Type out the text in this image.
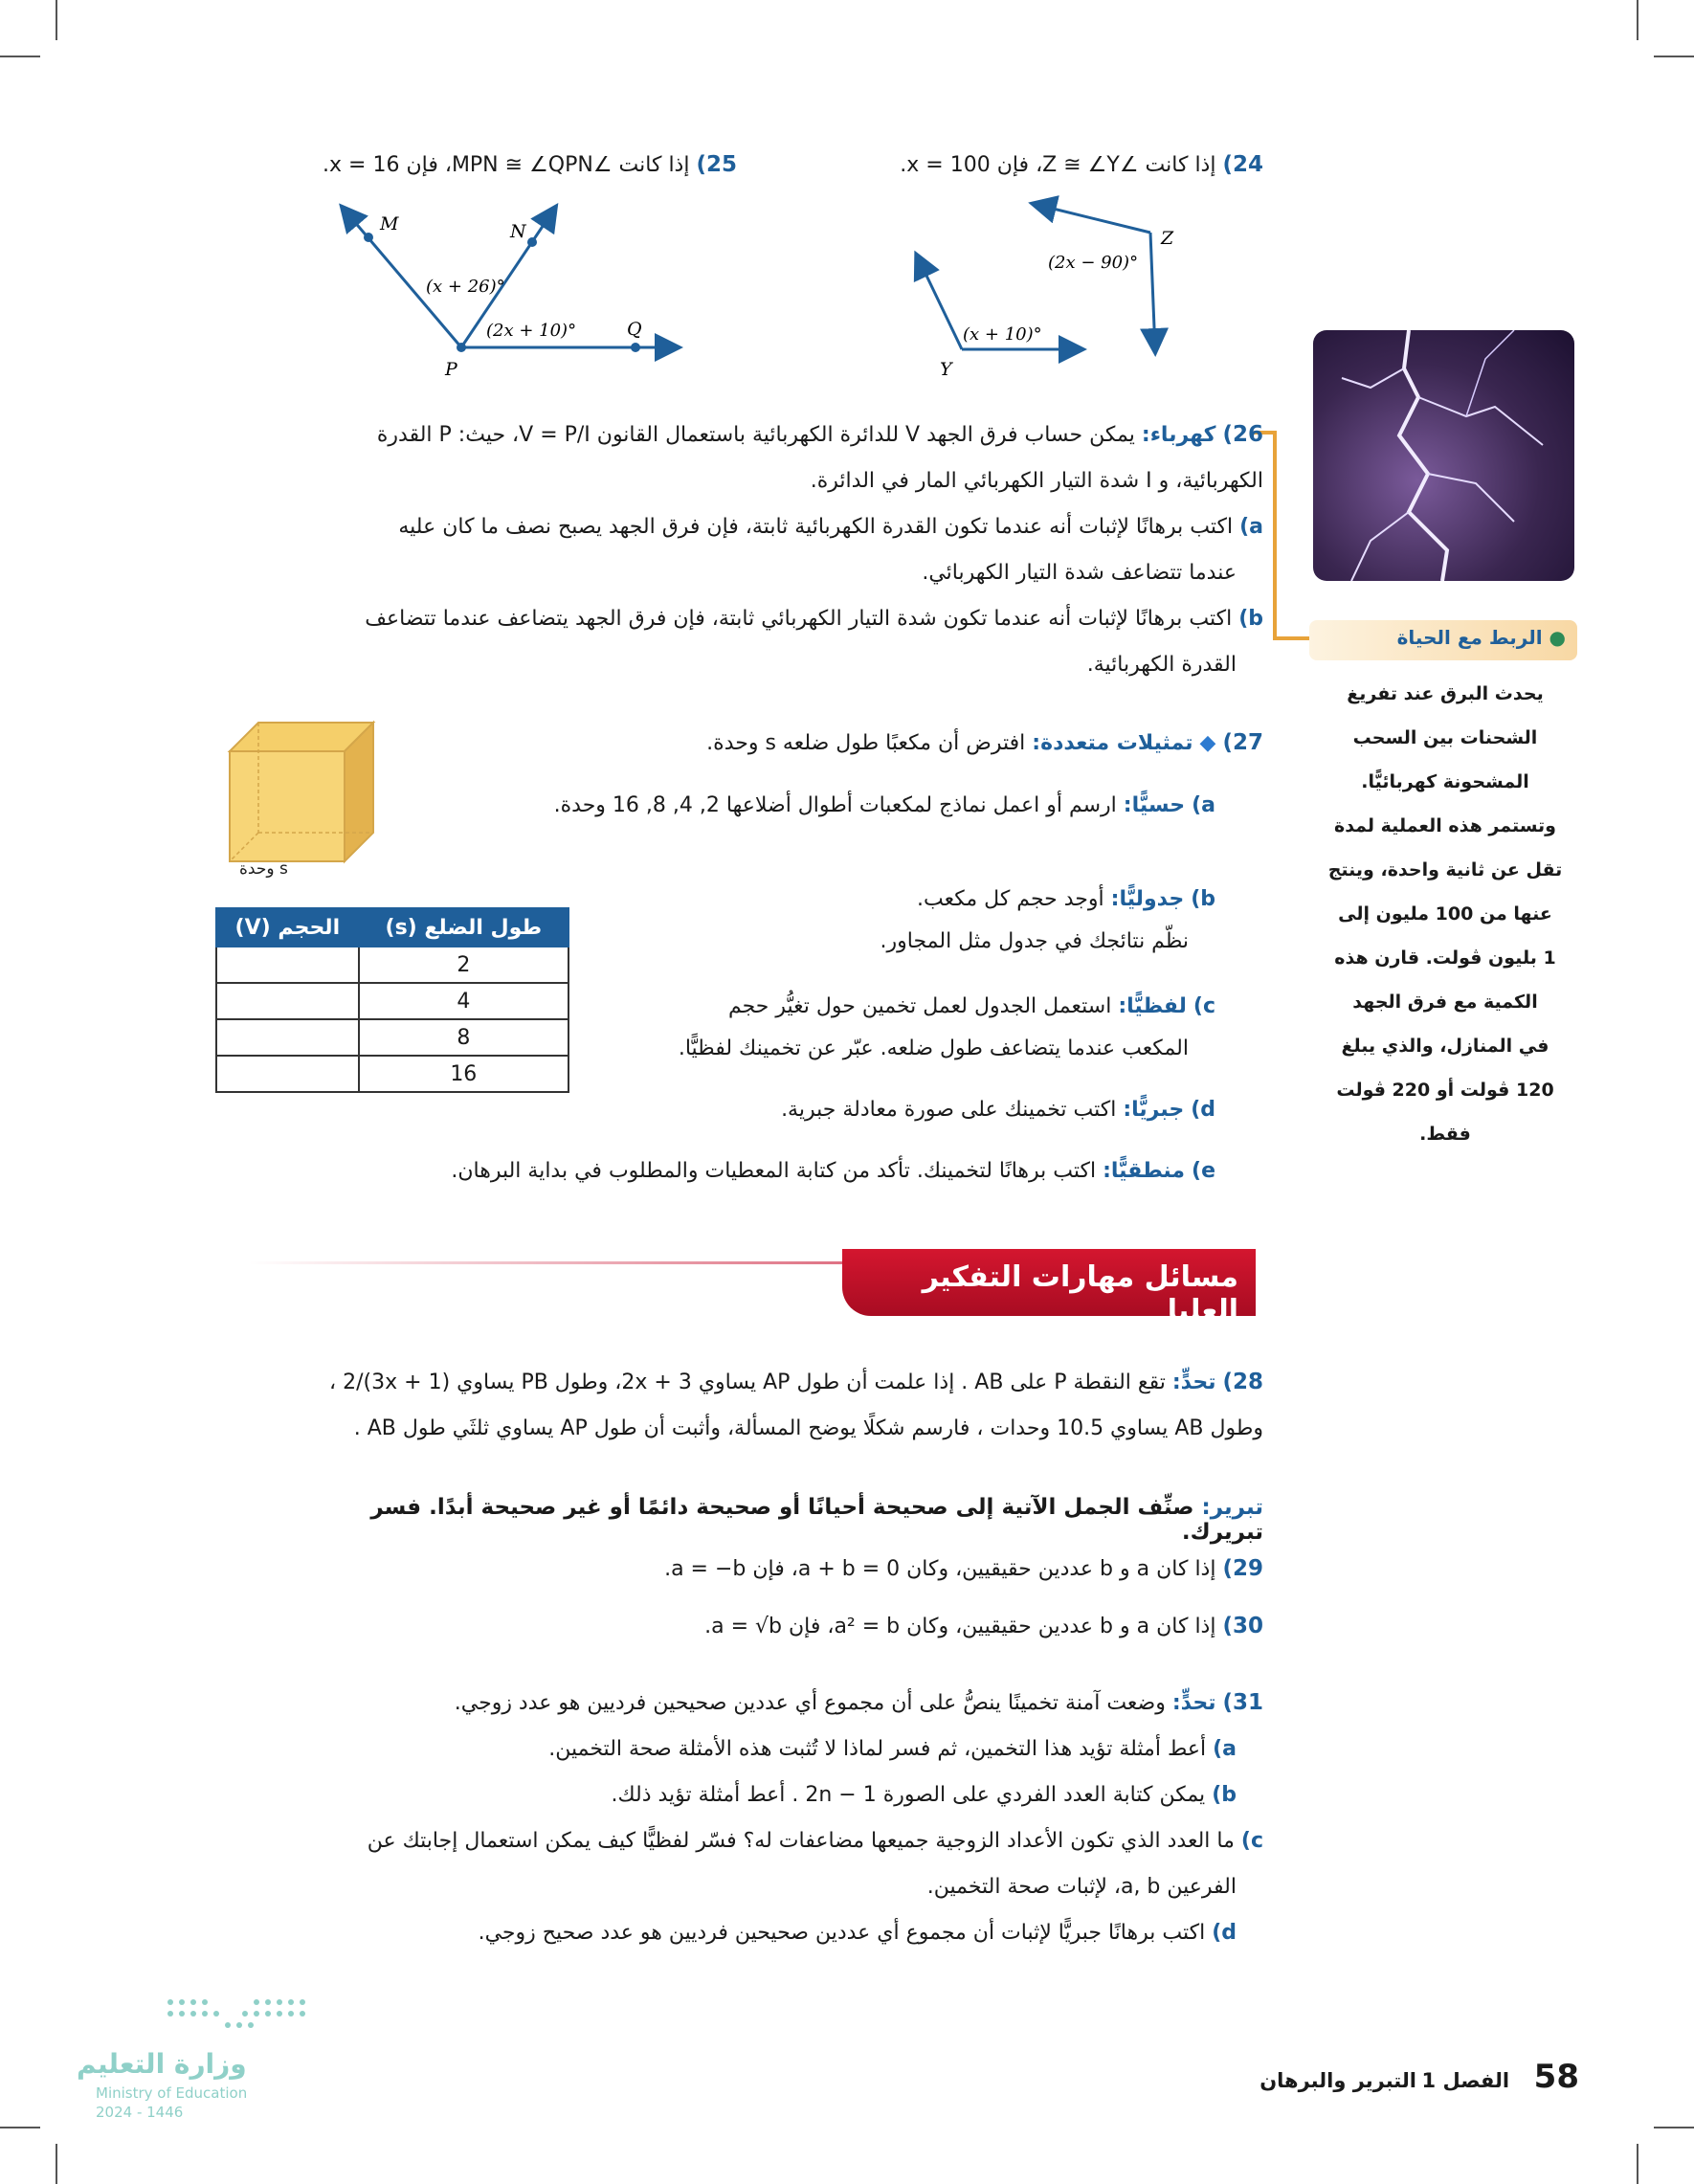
24) إذا كانت ∠Z ≅ ∠Y، فإن x = 100.
25) إذا كانت ∠MPN ≅ ∠QPN، فإن x = 16.
Z
Y
(2x − 90)°
(x + 10)°
M	N
P
Q
(x + 26)°
(2x + 10)°
● الربط مع الحياة
يحدث البرق عند تفريغ
الشحنات بين السحب
المشحونة كهربائيًّا.
وتستمر هذه العملية لمدة
تقل عن ثانية واحدة، وينتج
عنها من 100 مليون إلى
1 بليون ڤولت. قارن هذه
الكمية مع فرق الجهد
في المنازل، والذي يبلغ
120 ڤولت أو 220 ڤولت
فقط.
26) كهرباء: يمكن حساب فرق الجهد V للدائرة الكهربائية باستعمال القانون V = P/I، حيث: P القدرة
الكهربائية، و I شدة التيار الكهربائي المار في الدائرة.
a) اكتب برهانًا لإثبات أنه عندما تكون القدرة الكهربائية ثابتة، فإن فرق الجهد يصبح نصف ما كان عليه
عندما تتضاعف شدة التيار الكهربائي.
b) اكتب برهانًا لإثبات أنه عندما تكون شدة التيار الكهربائي ثابتة، فإن فرق الجهد يتضاعف عندما تتضاعف
القدرة الكهربائية.
s وحدة
27) ◆ تمثيلات متعددة: افترض أن مكعبًا طول ضلعه s وحدة.
a) حسيًّا: ارسم أو اعمل نماذج لمكعبات أطوال أضلاعها 2, 4, 8, 16 وحدة.
b) جدوليًّا: أوجد حجم كل مكعب.
نظّم نتائجك في جدول مثل المجاور.
c) لفظيًّا: استعمل الجدول لعمل تخمين حول تغيُّر حجم
المكعب عندما يتضاعف طول ضلعه. عبّر عن تخمينك لفظيًّا.
d) جبريًّا: اكتب تخمينك على صورة معادلة جبرية.
e) منطقيًّا: اكتب برهانًا لتخمينك. تأكد من كتابة المعطيات والمطلوب في بداية البرهان.
طول الضلع (s)	الحجم (V)
2	
4	
8	
16	
مسائل مهارات التفكير العليا
28) تحدٍّ: تقع النقطة P على AB . إذا علمت أن طول AP يساوي 2x + 3، وطول PB يساوي (3x + 1)/2 ،
وطول AB يساوي 10.5 وحدات ، فارسم شكلًا يوضح المسألة، وأثبت أن طول AP يساوي ثلثَي طول AB .
تبرير: صنِّف الجمل الآتية إلى صحيحة أحيانًا أو صحيحة دائمًا أو غير صحيحة أبدًا. فسر تبريرك.
29) إذا كان a و b عددين حقيقيين، وكان a + b = 0، فإن a = −b.
30) إذا كان a و b عددين حقيقيين، وكان a² = b، فإن a = √b.
31) تحدٍّ: وضعت آمنة تخمينًا ينصُّ على أن مجموع أي عددين صحيحين فرديين هو عدد زوجي.
a) أعط أمثلة تؤيد هذا التخمين، ثم فسر لماذا لا تُثبت هذه الأمثلة صحة التخمين.
b) يمكن كتابة العدد الفردي على الصورة 2n − 1 . أعط أمثلة تؤيد ذلك.
c) ما العدد الذي تكون الأعداد الزوجية جميعها مضاعفات له؟ فسّر لفظيًّا كيف يمكن استعمال إجابتك عن
الفرعين a, b، لإثبات صحة التخمين.
d) اكتب برهانًا جبريًّا لإثبات أن مجموع أي عددين صحيحين فرديين هو عدد صحيح زوجي.
وزارة التعليم
Ministry of Education
2024 - 1446
58 الفصل 1 التبرير والبرهان
